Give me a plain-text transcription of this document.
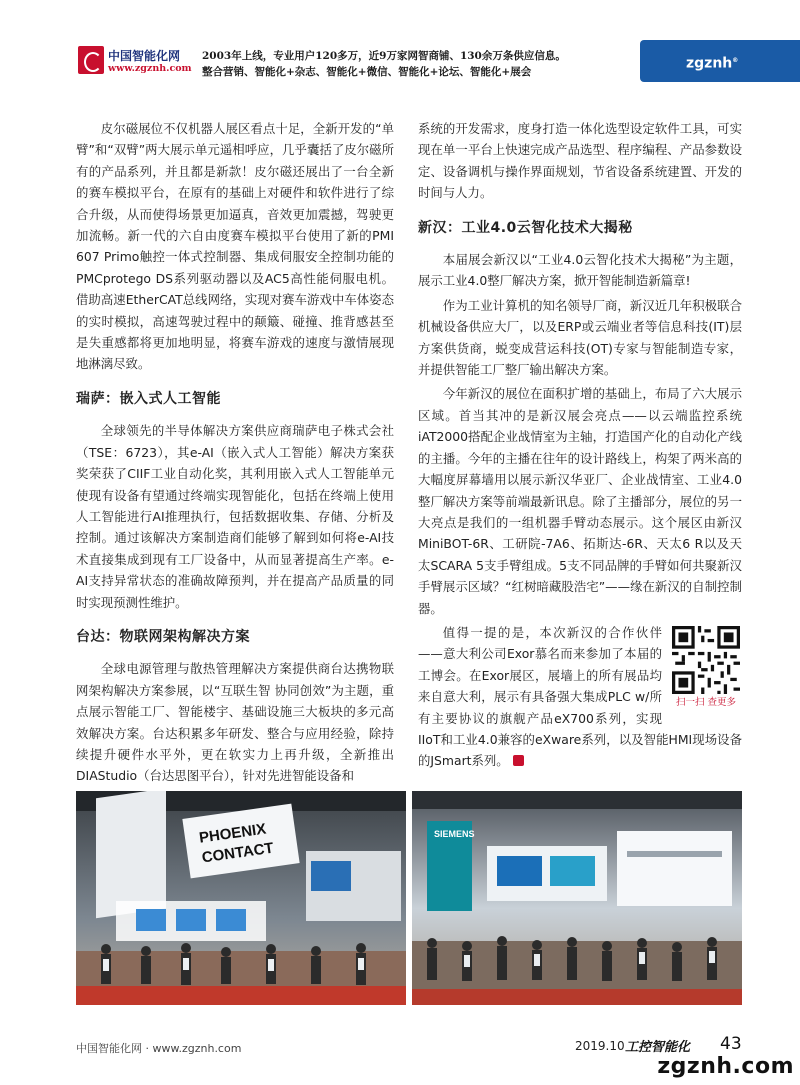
中国智能化网
www.zgznh.com
2003年上线，专业用户120多万，近9万家网智商铺、130余万条供应信息。
整合营销、智能化+杂志、智能化+微信、智能化+论坛、智能化+展会
zgznh®

皮尔磁展位不仅机器人展区看点十足，全新开发的“单臂”和“双臂”两大展示单元遥相呼应，几乎囊括了皮尔磁所有的产品系列，并且都是新款！皮尔磁还展出了一台全新的赛车模拟平台，在原有的基础上对硬件和软件进行了综合升级，从而使得场景更加逼真，音效更加震撼，驾驶更加流畅。新一代的六自由度赛车模拟平台使用了新的PMI 607 Primo触控一体式控制器、集成伺服安全控制功能的PMCprotego DS系列驱动器以及AC5高性能伺服电机。借助高速EtherCAT总线网络，实现对赛车游戏中车体姿态的实时模拟，高速驾驶过程中的颠簸、碰撞、推背感甚至是失重感都将更加地明显，将赛车游戏的速度与激情展现地淋漓尽致。

瑞萨：嵌入式人工智能

全球领先的半导体解决方案供应商瑞萨电子株式会社（TSE：6723），其e-AI（嵌入式人工智能）解决方案获奖荣获了CIIF工业自动化奖，其利用嵌入式人工智能单元使现有设备有望通过终端实现智能化，包括在终端上使用人工智能进行AI推理执行，包括数据收集、存储、分析及控制。通过该解决方案制造商们能够了解到如何将e-AI技术直接集成到现有工厂设备中，从而显著提高生产率。e-AI支持异常状态的准确故障预判，并在提高产品质量的同时实现预测性维护。

台达：物联网架构解决方案

全球电源管理与散热管理解决方案提供商台达携物联网架构解决方案参展，以“互联生智 协同创效”为主题，重点展示智能工厂、智能楼宇、基础设施三大板块的多元高效解决方案。台达积累多年研发、整合与应用经验，除持续提升硬件水平外，更在软实力上再升级，全新推出DIAStudio（台达思图平台），针对先进智能设备和

系统的开发需求，度身打造一体化选型设定软件工具，可实现在单一平台上快速完成产品选型、程序编程、产品参数设定、设备调机与操作界面规划，节省设备系统建置、开发的时间与人力。

新汉：工业4.0云智化技术大揭秘

本届展会新汉以“工业4.0云智化技术大揭秘”为主题，展示工业4.0整厂解决方案，掀开智能制造新篇章!

作为工业计算机的知名领导厂商，新汉近几年积极联合机械设备供应大厂，以及ERP或云端业者等信息科技(IT)层方案供货商，蜕变成营运科技(OT)专家与智能制造专家，并提供智能工厂整厂输出解决方案。

今年新汉的展位在面积扩增的基础上，布局了六大展示区域。首当其冲的是新汉展会亮点——以云端监控系统 iAT2000搭配企业战情室为主轴，打造国产化的自动化产线的主播。今年的主播在往年的设计路线上，构架了两米高的大幅度屏幕墙用以展示新汉华亚厂、企业战情室、工业4.0整厂解决方案等前端最新讯息。除了主播部分，展位的另一大亮点是我们的一组机器手臂动态展示。这个展区由新汉MiniBOT-6R、工研院-7A6、拓斯达-6R、天太6 R以及天太SCARA 5支手臂组成。5支不同品牌的手臂如何共聚新汉手臂展示区域？“红树暗藏股浩宅”——缘在新汉的自制控制器。

扫一扫 查更多

值得一提的是，本次新汉的合作伙伴——意大利公司Exor慕名而来参加了本届的工博会。在Exor展区，展墙上的所有展品均来自意大利，展示有具备强大集成PLC w/所有主要协议的旗舰产品eX700系列，实现IIoT和工业4.0兼容的eXware系列，以及智能HMI现场设备的JSmart系列。

PHOENIX
CONTACT
SIEMENS
中国智能化网 · www.zgznh.com	2019.10 工控智能化 43
zgznh.com
